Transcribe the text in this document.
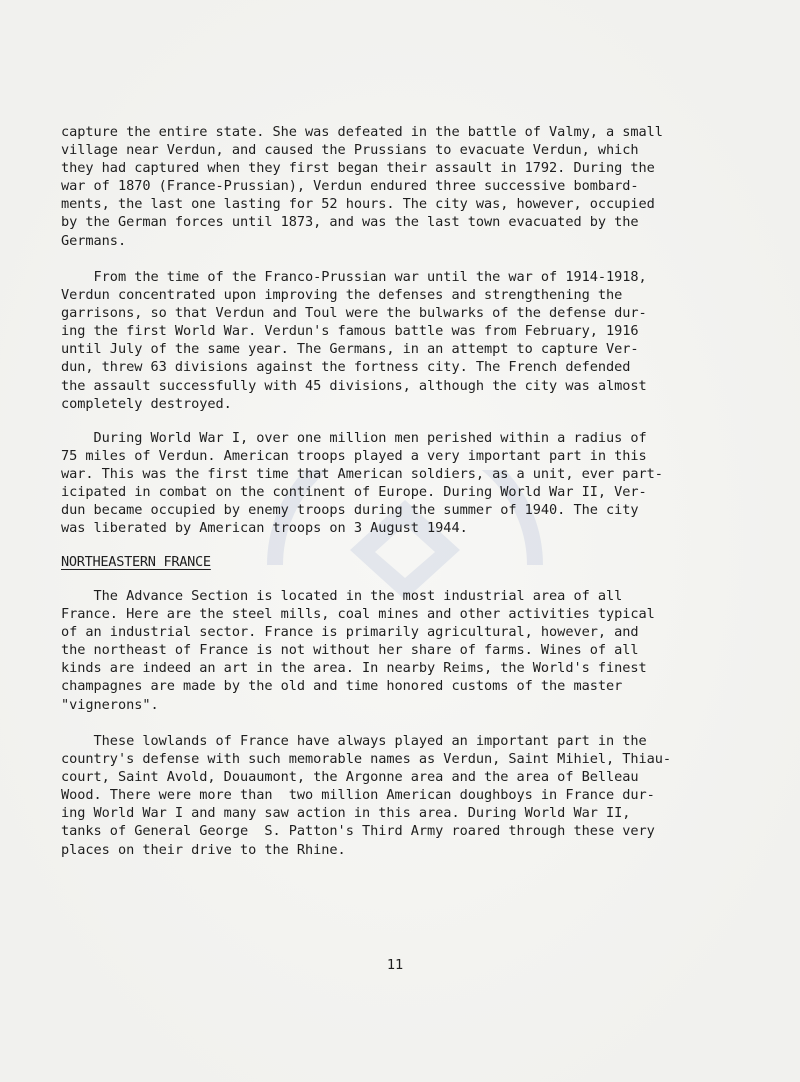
capture the entire state. She was defeated in the battle of Valmy, a small
village near Verdun, and caused the Prussians to evacuate Verdun, which
they had captured when they first began their assault in 1792. During the
war of 1870 (France-Prussian), Verdun endured three successive bombard-
ments, the last one lasting for 52 hours. The city was, however, occupied
by the German forces until 1873, and was the last town evacuated by the
Germans.
From the time of the Franco-Prussian war until the war of 1914-1918,
Verdun concentrated upon improving the defenses and strengthening the
garrisons, so that Verdun and Toul were the bulwarks of the defense dur-
ing the first World War. Verdun's famous battle was from February, 1916
until July of the same year. The Germans, in an attempt to capture Ver-
dun, threw 63 divisions against the fortness city. The French defended
the assault successfully with 45 divisions, although the city was almost
completely destroyed.
During World War I, over one million men perished within a radius of
75 miles of Verdun. American troops played a very important part in this
war. This was the first time that American soldiers, as a unit, ever part-
icipated in combat on the continent of Europe. During World War II, Ver-
dun became occupied by enemy troops during the summer of 1940. The city
was liberated by American troops on 3 August 1944.
NORTHEASTERN FRANCE
The Advance Section is located in the most industrial area of all
France. Here are the steel mills, coal mines and other activities typical
of an industrial sector. France is primarily agricultural, however, and
the northeast of France is not without her share of farms. Wines of all
kinds are indeed an art in the area. In nearby Reims, the World's finest
champagnes are made by the old and time honored customs of the master
"vignerons".
These lowlands of France have always played an important part in the
country's defense with such memorable names as Verdun, Saint Mihiel, Thiau-
court, Saint Avold, Douaumont, the Argonne area and the area of Belleau
Wood. There were more than  two million American doughboys in France dur-
ing World War I and many saw action in this area. During World War II,
tanks of General George  S. Patton's Third Army roared through these very
places on their drive to the Rhine.
11
